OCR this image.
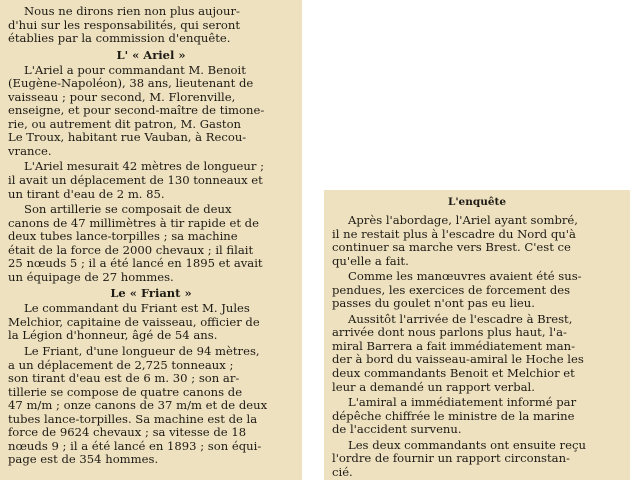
Nous ne dirons rien non plus aujour-
d'hui sur les responsabilités, qui seront
établies par la commission d'enquête.

L' « Ariel »

L'Ariel a pour commandant M. Benoit
(Eugène-Napoléon), 38 ans, lieutenant de
vaisseau ; pour second, M. Florenville,
enseigne, et pour second-maître de timone-
rie, ou autrement dit patron, M. Gaston
Le Troux, habitant rue Vauban, à Recou-
vrance.

L'Ariel mesurait 42 mètres de longueur ;
il avait un déplacement de 130 tonneaux et
un tirant d'eau de 2 m. 85.

Son artillerie se composait de deux
canons de 47 millimètres à tir rapide et de
deux tubes lance-torpilles ; sa machine
était de la force de 2000 chevaux ; il filait
25 nœuds 5 ; il a été lancé en 1895 et avait
un équipage de 27 hommes.

Le « Friant »

Le commandant du Friant est M. Jules
Melchior, capitaine de vaisseau, officier de
la Légion d'honneur, âgé de 54 ans.

Le Friant, d'une longueur de 94 mètres,
a un déplacement de 2,725 tonneaux ;
son tirant d'eau est de 6 m. 30 ; son ar-
tillerie se compose de quatre canons de
47 m/m ; onze canons de 37 m/m et de deux
tubes lance-torpilles. Sa machine est de la
force de 9624 chevaux ; sa vitesse de 18
nœuds 9 ; il a été lancé en 1893 ; son équi-
page est de 354 hommes.

L'enquête

Après l'abordage, l'Ariel ayant sombré,
il ne restait plus à l'escadre du Nord qu'à
continuer sa marche vers Brest. C'est ce
qu'elle a fait.

Comme les manœuvres avaient été sus-
pendues, les exercices de forcement des
passes du goulet n'ont pas eu lieu.

Aussitôt l'arrivée de l'escadre à Brest,
arrivée dont nous parlons plus haut, l'a-
miral Barrera a fait immédiatement man-
der à bord du vaisseau-amiral le Hoche les
deux commandants Benoit et Melchior et
leur a demandé un rapport verbal.

L'amiral a immédiatement informé par
dépêche chiffrée le ministre de la marine
de l'accident survenu.

Les deux commandants ont ensuite reçu
l'ordre de fournir un rapport circonstan-
cié.
